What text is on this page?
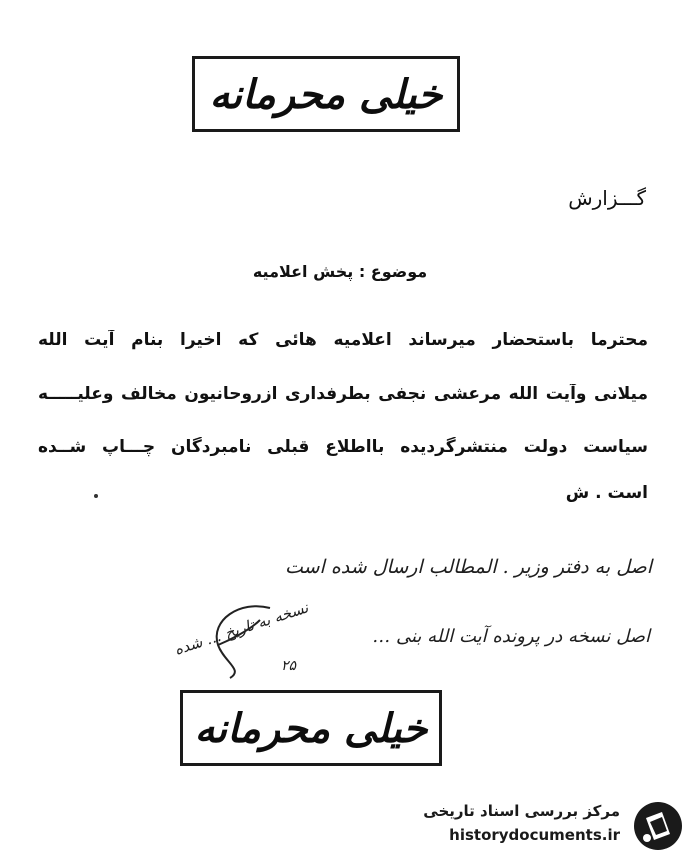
خیلی محرمانه
گـــزارش
موضوع : پخش اعلامیه
محترما باستحضار میرساند اعلامیه هائی که اخیرا بنام آیت الله
میلانی وآیت الله مرعشی نجفی بطرفداری ازروحانیون مخالف وعلیـــــه
سیاست دولت منتشرگردیده بااطلاع قبلی نامبردگان چـــاپ شــده
است . ش
اصل به دفتر وزیر . المطالب ارسال شده است
نسخه به تاریخ … شده	اصل نسخه در پرونده آیت الله بنی …
۲۵
خیلی محرمانه
مرکز بررسی اسناد تاریخی
historydocuments.ir
